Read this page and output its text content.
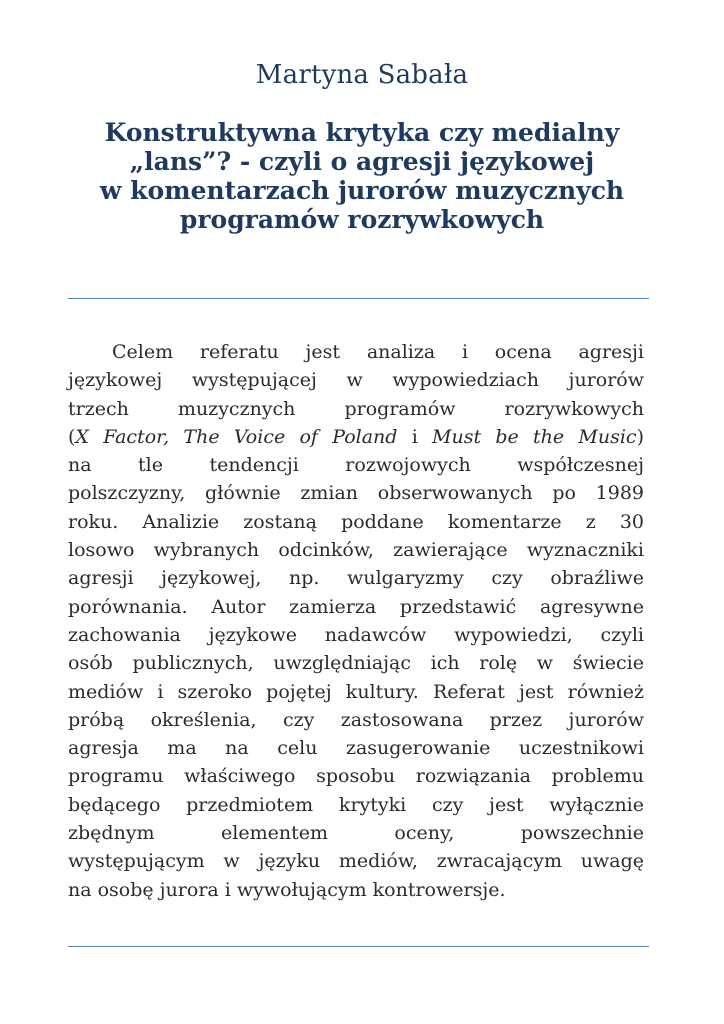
Martyna Sabała
Konstruktywna krytyka czy medialny
„lans”? - czyli o agresji językowej
w komentarzach jurorów muzycznych
programów rozrywkowych
Celem referatu jest analiza i ocena agresji
językowej występującej w wypowiedziach jurorów
trzech muzycznych programów rozrywkowych
(X Factor, The Voice of Poland i Must be the Music)
na tle tendencji rozwojowych współczesnej
polszczyzny, głównie zmian obserwowanych po 1989
roku. Analizie zostaną poddane komentarze z 30
losowo wybranych odcinków, zawierające wyznaczniki
agresji językowej, np. wulgaryzmy czy obraźliwe
porównania. Autor zamierza przedstawić agresywne
zachowania językowe nadawców wypowiedzi, czyli
osób publicznych, uwzględniając ich rolę w świecie
mediów i szeroko pojętej kultury. Referat jest również
próbą określenia, czy zastosowana przez jurorów
agresja ma na celu zasugerowanie uczestnikowi
programu właściwego sposobu rozwiązania problemu
będącego przedmiotem krytyki czy jest wyłącznie
zbędnym elementem oceny, powszechnie
występującym w języku mediów, zwracającym uwagę
na osobę jurora i wywołującym kontrowersje.
